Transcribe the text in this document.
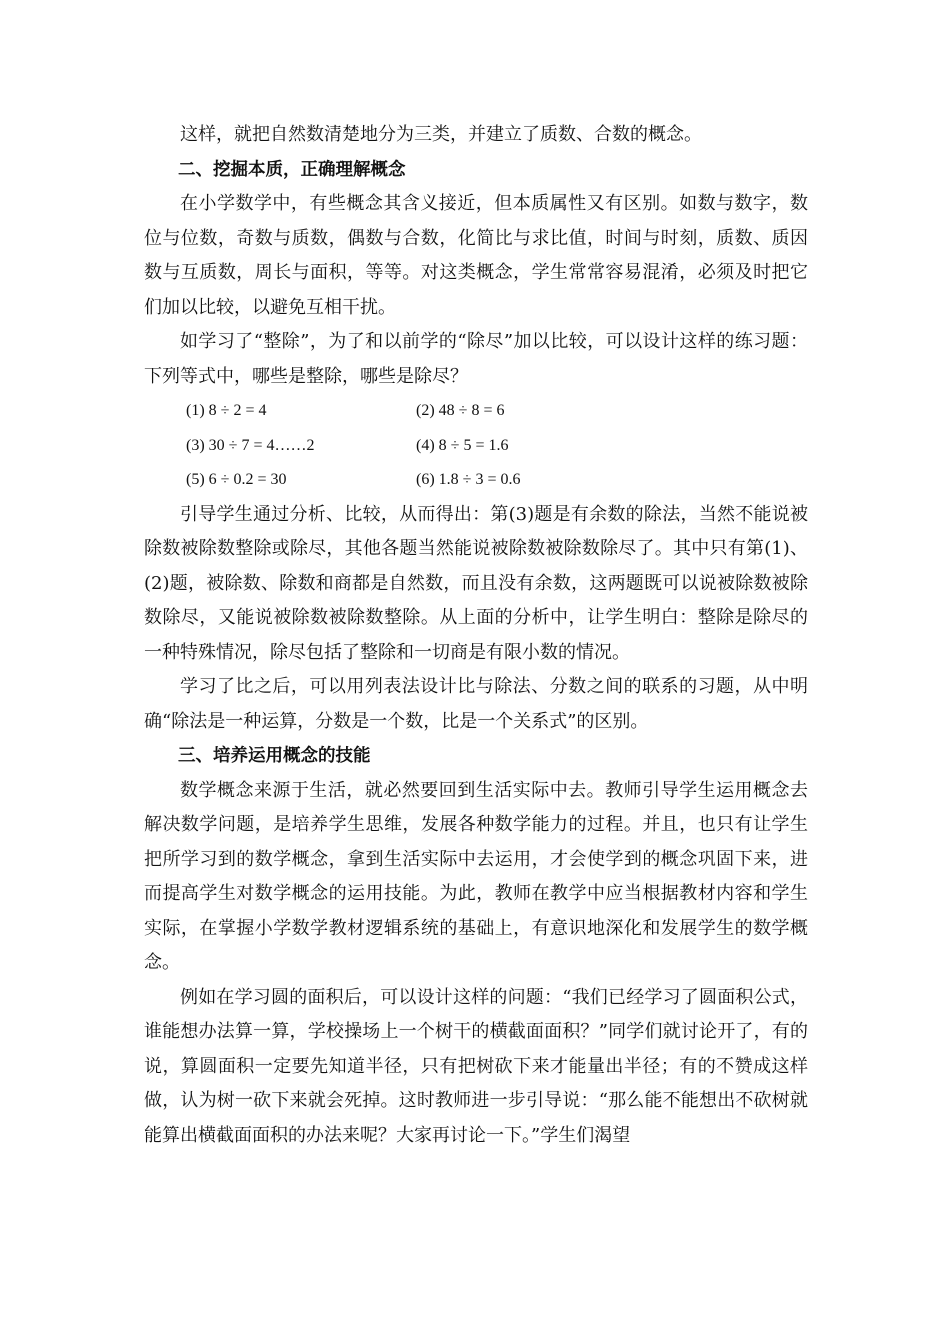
这样，就把自然数清楚地分为三类，并建立了质数、合数的概念。

二、挖掘本质，正确理解概念

在小学数学中，有些概念其含义接近，但本质属性又有区别。如数与数字，数位与位数，奇数与质数，偶数与合数，化简比与求比值，时间与时刻，质数、质因数与互质数，周长与面积，等等。对这类概念，学生常常容易混淆，必须及时把它们加以比较，以避免互相干扰。

如学习了“整除”，为了和以前学的“除尽”加以比较，可以设计这样的练习题：下列等式中，哪些是整除，哪些是除尽？

(1) 8 ÷ 2 = 4	(2) 48 ÷ 8 = 6
(3) 30 ÷ 7 = 4……2	(4) 8 ÷ 5 = 1.6
(5) 6 ÷ 0.2 = 30	(6) 1.8 ÷ 3 = 0.6

引导学生通过分析、比较，从而得出：第(3)题是有余数的除法，当然不能说被除数被除数整除或除尽，其他各题当然能说被除数被除数除尽了。其中只有第(1)、(2)题，被除数、除数和商都是自然数，而且没有余数，这两题既可以说被除数被除数除尽，又能说被除数被除数整除。从上面的分析中，让学生明白：整除是除尽的一种特殊情况，除尽包括了整除和一切商是有限小数的情况。

学习了比之后，可以用列表法设计比与除法、分数之间的联系的习题，从中明确“除法是一种运算，分数是一个数，比是一个关系式”的区别。

三、培养运用概念的技能

数学概念来源于生活，就必然要回到生活实际中去。教师引导学生运用概念去解决数学问题，是培养学生思维，发展各种数学能力的过程。并且，也只有让学生把所学习到的数学概念，拿到生活实际中去运用，才会使学到的概念巩固下来，进而提高学生对数学概念的运用技能。为此，教师在教学中应当根据教材内容和学生实际，在掌握小学数学教材逻辑系统的基础上，有意识地深化和发展学生的数学概念。

例如在学习圆的面积后，可以设计这样的问题：“我们已经学习了圆面积公式，谁能想办法算一算，学校操场上一个树干的横截面面积？”同学们就讨论开了，有的说，算圆面积一定要先知道半径，只有把树砍下来才能量出半径；有的不赞成这样做，认为树一砍下来就会死掉。这时教师进一步引导说：“那么能不能想出不砍树就能算出横截面面积的办法来呢？大家再讨论一下。”学生们渴望
